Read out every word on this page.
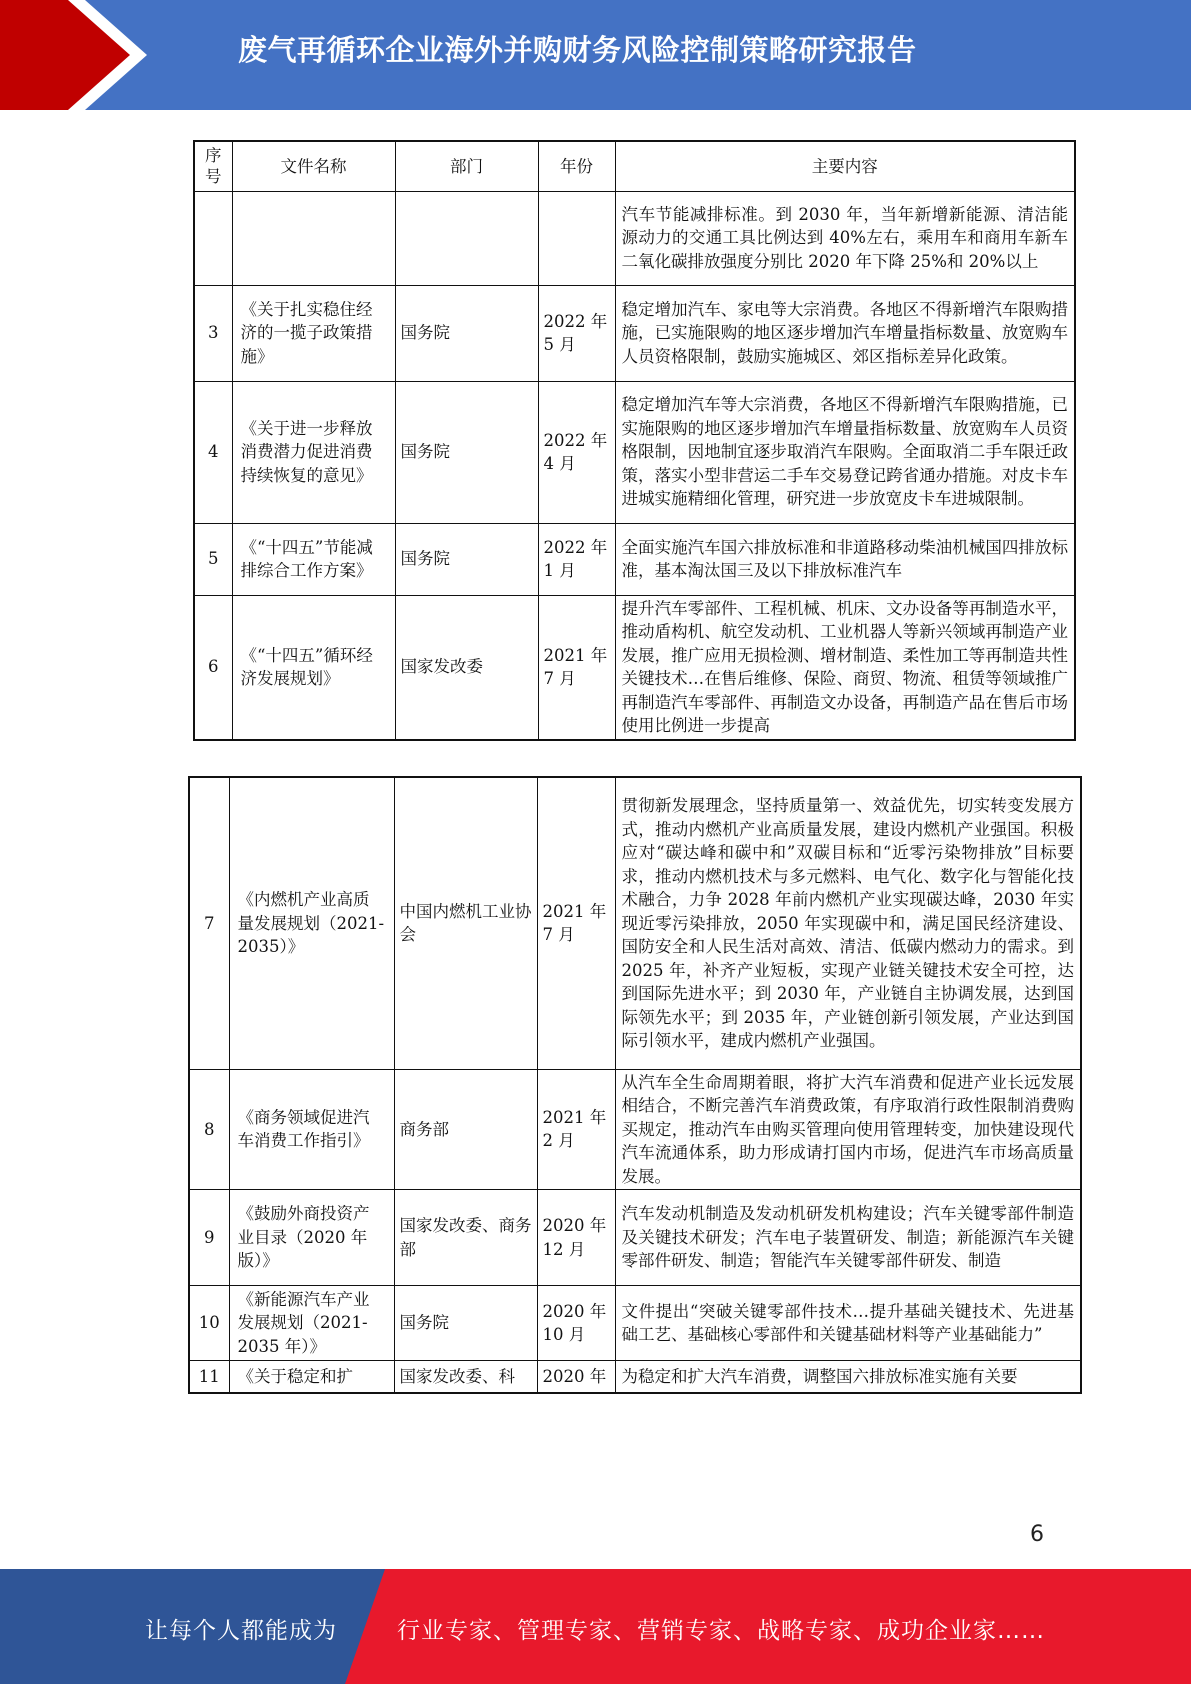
废气再循环企业海外并购财务风险控制策略研究报告
序号	文件名称	部门	年份	主要内容
				汽车节能减排标准。到 2030 年，当年新增新能源、清洁能源动力的交通工具比例达到 40%左右，乘用车和商用车新车二氧化碳排放强度分别比 2020 年下降 25%和 20%以上
3	《关于扎实稳住经济的一揽子政策措施》	国务院	2022 年5 月	稳定增加汽车、家电等大宗消费。各地区不得新增汽车限购措施，已实施限购的地区逐步增加汽车增量指标数量、放宽购车人员资格限制，鼓励实施城区、郊区指标差异化政策。
4	《关于进一步释放消费潜力促进消费持续恢复的意见》	国务院	2022 年4 月	稳定增加汽车等大宗消费，各地区不得新增汽车限购措施，已实施限购的地区逐步增加汽车增量指标数量、放宽购车人员资格限制，因地制宜逐步取消汽车限购。全面取消二手车限迁政策，落实小型非营运二手车交易登记跨省通办措施。对皮卡车进城实施精细化管理，研究进一步放宽皮卡车进城限制。
5	《“十四五”节能减排综合工作方案》	国务院	2022 年1 月	全面实施汽车国六排放标准和非道路移动柴油机械国四排放标准，基本淘汰国三及以下排放标准汽车
6	《“十四五”循环经济发展规划》	国家发改委	2021 年7 月	提升汽车零部件、工程机械、机床、文办设备等再制造水平，推动盾构机、航空发动机、工业机器人等新兴领域再制造产业发展，推广应用无损检测、增材制造、柔性加工等再制造共性关键技术…在售后维修、保险、商贸、物流、租赁等领域推广再制造汽车零部件、再制造文办设备，再制造产品在售后市场使用比例进一步提高
7	《内燃机产业高质量发展规划（2021-2035）》	中国内燃机工业协会	2021 年7 月	贯彻新发展理念，坚持质量第一、效益优先，切实转变发展方式，推动内燃机产业高质量发展，建设内燃机产业强国。积极应对“碳达峰和碳中和”双碳目标和“近零污染物排放”目标要求，推动内燃机技术与多元燃料、电气化、数字化与智能化技术融合，力争 2028 年前内燃机产业实现碳达峰，2030 年实现近零污染排放，2050 年实现碳中和，满足国民经济建设、国防安全和人民生活对高效、清洁、低碳内燃动力的需求。到 2025 年，补齐产业短板，实现产业链关键技术安全可控，达到国际先进水平；到 2030 年，产业链自主协调发展，达到国际领先水平；到 2035 年，产业链创新引领发展，产业达到国际引领水平，建成内燃机产业强国。
8	《商务领域促进汽车消费工作指引》	商务部	2021 年2 月	从汽车全生命周期着眼，将扩大汽车消费和促进产业长远发展相结合，不断完善汽车消费政策，有序取消行政性限制消费购买规定，推动汽车由购买管理向使用管理转变，加快建设现代汽车流通体系，助力形成请打国内市场，促进汽车市场高质量发展。
9	《鼓励外商投资产业目录（2020 年版）》	国家发改委、商务部	2020 年12 月	汽车发动机制造及发动机研发机构建设；汽车关键零部件制造及关键技术研发；汽车电子装置研发、制造；新能源汽车关键零部件研发、制造；智能汽车关键零部件研发、制造
10	《新能源汽车产业发展规划（2021-2035 年）》	国务院	2020 年10 月	文件提出“突破关键零部件技术…提升基础关键技术、先进基础工艺、基础核心零部件和关键基础材料等产业基础能力”
11	《关于稳定和扩	国家发改委、科	2020 年	为稳定和扩大汽车消费，调整国六排放标准实施有关要
6
让每个人都能成为	行业专家、管理专家、营销专家、战略专家、成功企业家……
